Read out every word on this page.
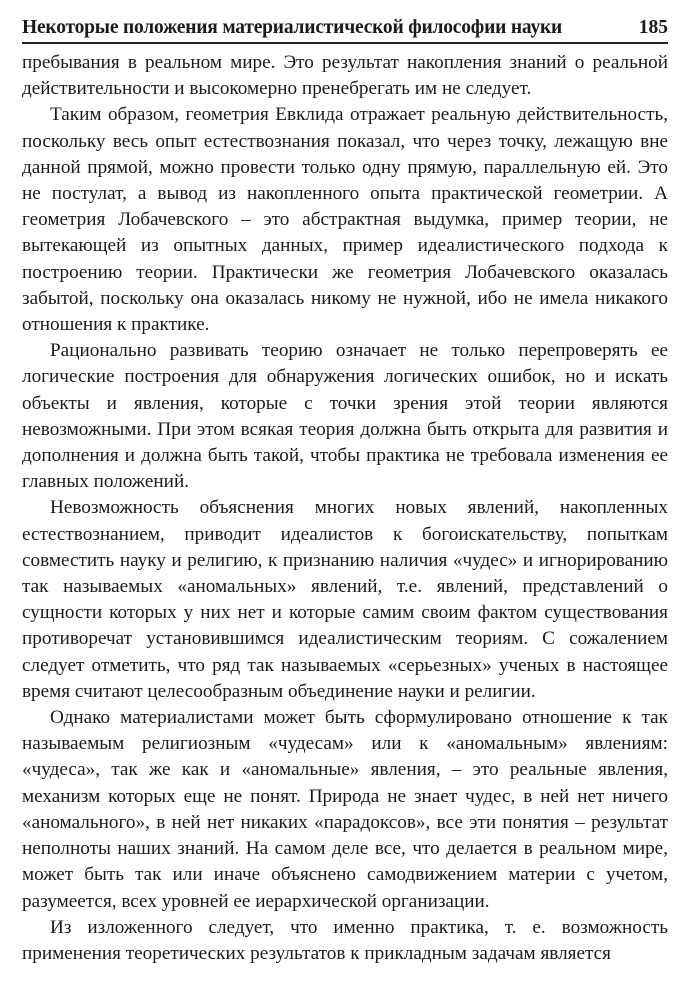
Некоторые положения материалистической философии науки	185

пребывания в реальном мире. Это результат накопления знаний о реальной действительности и высокомерно пренебрегать им не следует.

Таким образом, геометрия Евклида отражает реальную действительность, поскольку весь опыт естествознания показал, что через точку, лежащую вне данной прямой, можно провести только одну прямую, параллельную ей. Это не постулат, а вывод из накопленного опыта практической геометрии. А геометрия Лобачевского – это абстрактная выдумка, пример теории, не вытекающей из опытных данных, пример идеалистического подхода к построению теории. Практически же геометрия Лобачевского оказалась забытой, поскольку она оказалась никому не нужной, ибо не имела никакого отношения к практике.

Рационально развивать теорию означает не только перепроверять ее логические построения для обнаружения логических ошибок, но и искать объекты и явления, которые с точки зрения этой теории являются невозможными. При этом всякая теория должна быть открыта для развития и дополнения и должна быть такой, чтобы практика не требовала изменения ее главных положений.

Невозможность объяснения многих новых явлений, накопленных естествознанием, приводит идеалистов к богоискательству, попыткам совместить науку и религию, к признанию наличия «чудес» и игнорированию так называемых «аномальных» явлений, т.е. явлений, представлений о сущности которых у них нет и которые самим своим фактом существования противоречат установившимся идеалистическим теориям. С сожалением следует отметить, что ряд так называемых «серьезных» ученых в настоящее время считают целесообразным объединение науки и религии.

Однако материалистами может быть сформулировано отношение к так называемым религиозным «чудесам» или к «аномальным» явлениям: «чудеса», так же как и «аномальные» явления, – это реальные явления, механизм которых еще не понят. Природа не знает чудес, в ней нет ничего «аномального», в ней нет никаких «парадоксов», все эти понятия – результат неполноты наших знаний. На самом деле все, что делается в реальном мире, может быть так или иначе объяснено самодвижением материи с учетом, разумеется, всех уровней ее иерархической организации.

Из изложенного следует, что именно практика, т. е. возможность применения теоретических результатов к прикладным задачам является
